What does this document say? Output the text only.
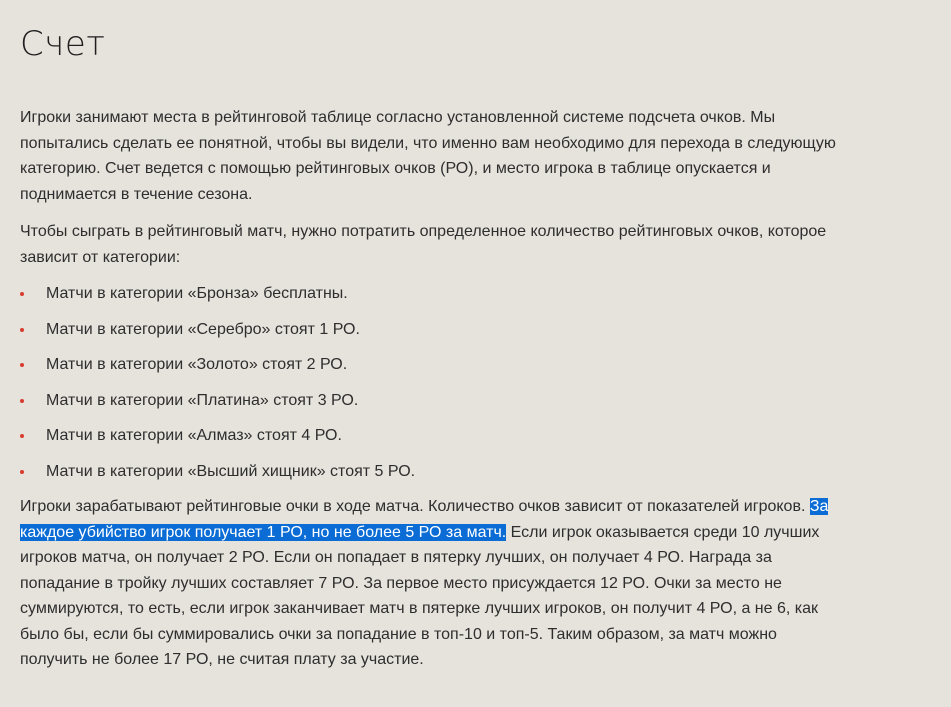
Счет

Игроки занимают места в рейтинговой таблице согласно установленной системе подсчета очков. Мы попытались сделать ее понятной, чтобы вы видели, что именно вам необходимо для перехода в следующую категорию. Счет ведется с помощью рейтинговых очков (РО), и место игрока в таблице опускается и поднимается в течение сезона.

Чтобы сыграть в рейтинговый матч, нужно потратить определенное количество рейтинговых очков, которое зависит от категории:

Матчи в категории «Бронза» бесплатны.
Матчи в категории «Серебро» стоят 1 РО.
Матчи в категории «Золото» стоят 2 РО.
Матчи в категории «Платина» стоят 3 РО.
Матчи в категории «Алмаз» стоят 4 РО.
Матчи в категории «Высший хищник» стоят 5 РО.

Игроки зарабатывают рейтинговые очки в ходе матча. Количество очков зависит от показателей игроков. За каждое убийство игрок получает 1 РО, но не более 5 РО за матч. Если игрок оказывается среди 10 лучших игроков матча, он получает 2 РО. Если он попадает в пятерку лучших, он получает 4 РО. Награда за попадание в тройку лучших составляет 7 РО. За первое место присуждается 12 РО. Очки за место не суммируются, то есть, если игрок заканчивает матч в пятерке лучших игроков, он получит 4 РО, а не 6, как было бы, если бы суммировались очки за попадание в топ-10 и топ-5. Таким образом, за матч можно получить не более 17 РО, не считая плату за участие.
